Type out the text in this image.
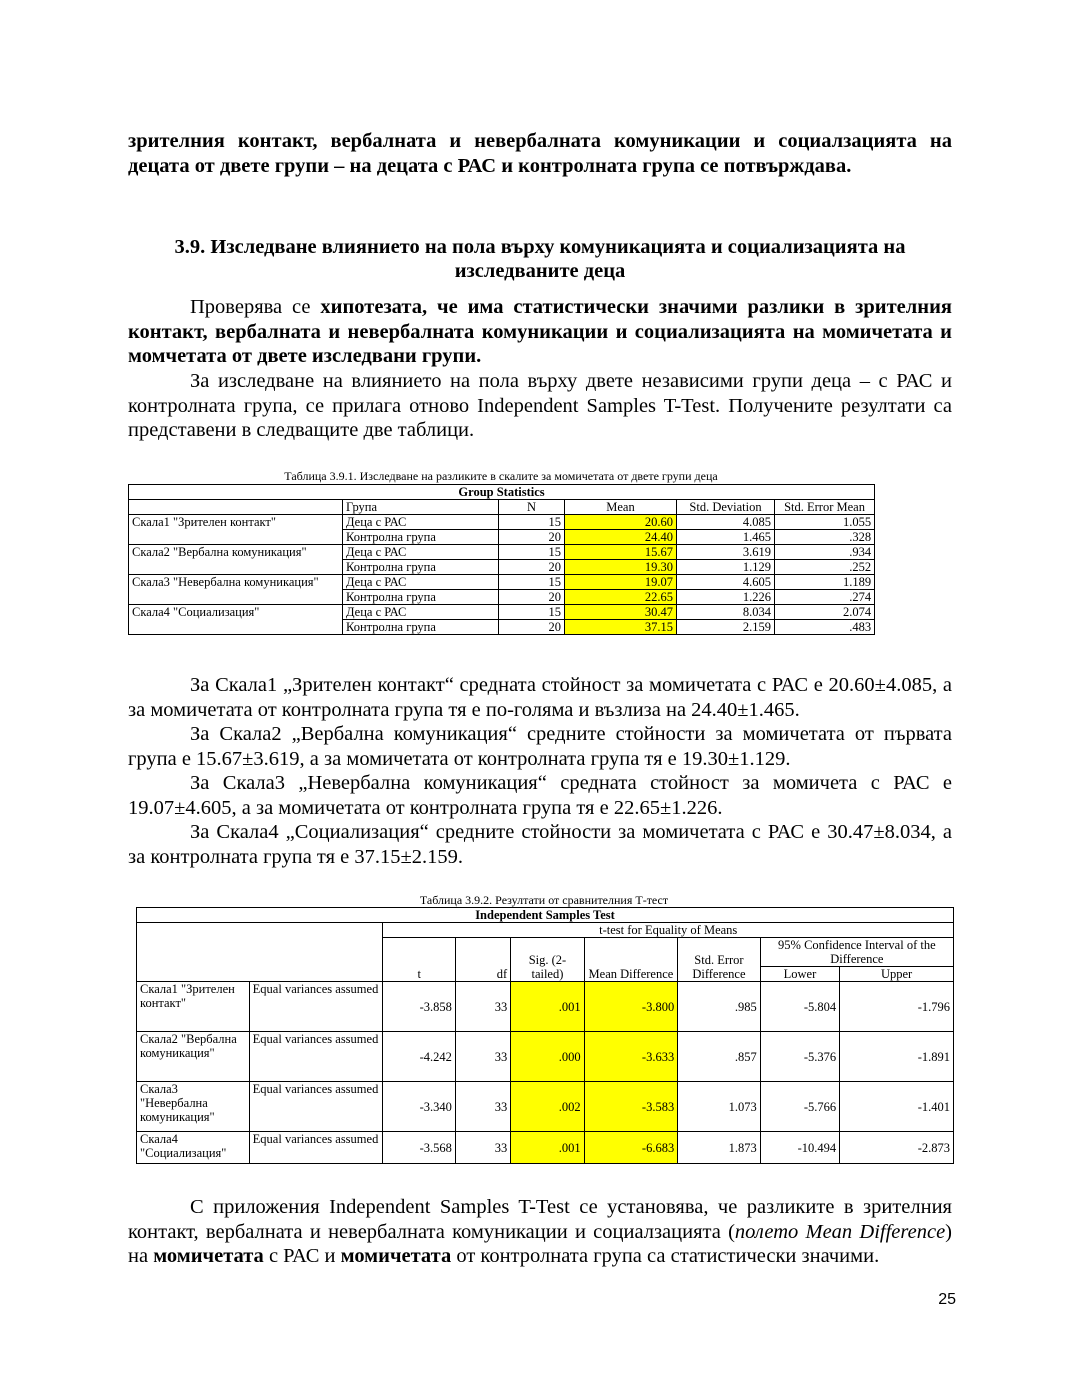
зрителния контакт, вербалната и невербалната комуникации и социалзацията на децата от двете групи – на децата с РАС и контролната група се потвърждава.

3.9. Изследване влиянието на пола върху комуникацията и социализацията на

изследваните деца

Проверява се хипотезата, че има статистически значими разлики в зрителния контакт, вербалната и невербалната комуникации и социализацията на момичетата и момчетата от двете изследвани групи.

За изследване на влиянието на пола върху двете независими групи деца – с РАС и контролната група, се прилага отново Independent Samples T-Test. Получените резултати са представени в следващите две таблици.

Таблица 3.9.1. Изследване на разликите в скалите за момичетата от двете групи деца

Group Statistics					
	Група	N	Mean	Std. Deviation	Std. Error Mean
Скала1 "Зрителен контакт"	Деца с РАС	15	20.60	4.085	1.055
	Контролна група	20	24.40	1.465	.328
Скала2 "Вербална комуникация"	Деца с РАС	15	15.67	3.619	.934
	Контролна група	20	19.30	1.129	.252
Скала3 "Невербална комуникация"	Деца с РАС	15	19.07	4.605	1.189
	Контролна група	20	22.65	1.226	.274
Скала4 "Социализация"	Деца с РАС	15	30.47	8.034	2.074
	Контролна група	20	37.15	2.159	.483

За Скала1 „Зрителен контакт“ средната стойност за момичетата с РАС е 20.60±4.085, а за момичетата от контролната група тя е по-голяма и възлиза на 24.40±1.465.

За Скала2 „Вербална комуникация“ средните стойности за момичетата от първата група е 15.67±3.619, а за момичетата от контролната група тя е 19.30±1.129.

За Скала3 „Невербална комуникация“ средната стойност за момичета с РАС е 19.07±4.605, а за момичетата от контролната група тя е 22.65±1.226.

За Скала4 „Социализация“ средните стойности за момичетата с РАС е 30.47±8.034, а за контролната група тя е 37.15±2.159.

Таблица 3.9.2. Резултати от сравнителния Т-тест

Independent Samples Test								
		t-test for Equality of Means						
		t	df	Sig. (2-tailed)	Mean Difference	Std. Error Difference	95% Confidence Interval of the Difference	
							Lower	Upper
Скала1 "Зрителен контакт"	Equal variances assumed	-3.858	33	.001	-3.800	.985	-5.804	-1.796
Скала2 "Вербална комуникация"	Equal variances assumed	-4.242	33	.000	-3.633	.857	-5.376	-1.891
Скала3 "Невербална комуникация"	Equal variances assumed	-3.340	33	.002	-3.583	1.073	-5.766	-1.401
Скала4 "Социализация"	Equal variances assumed	-3.568	33	.001	-6.683	1.873	-10.494	-2.873

С приложения Independent Samples T-Test се установява, че разликите в зрителния контакт, вербалната и невербалната комуникации и социалзацията (полето Mean Difference) на момичетата с РАС и момичетата от контролната група са статистически значими.

25
